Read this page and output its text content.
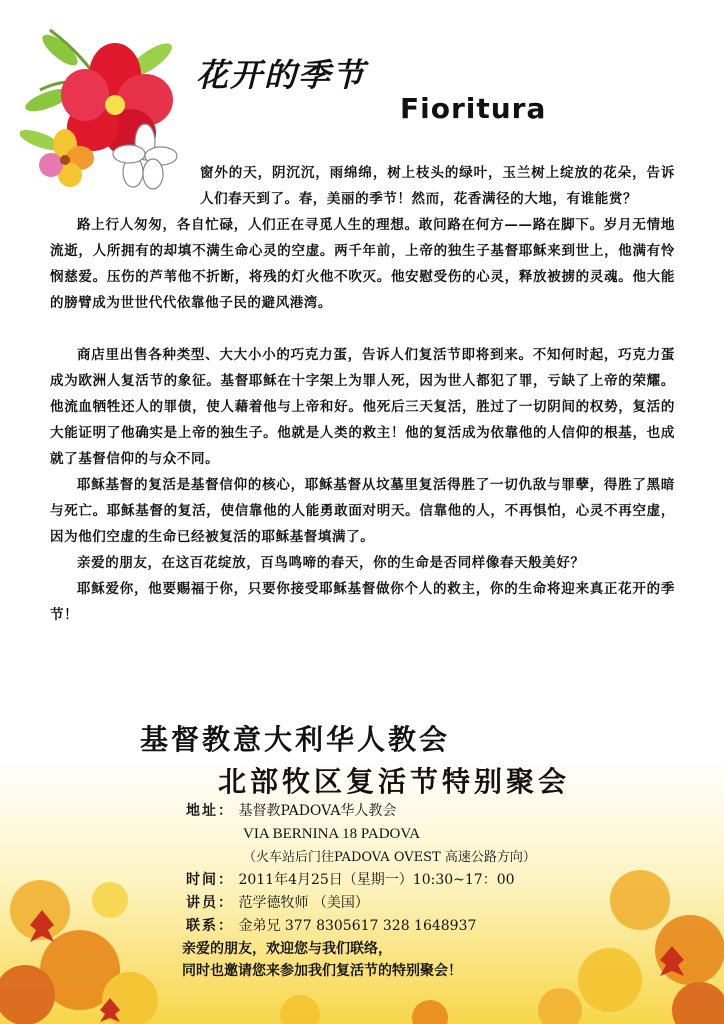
花开的季节
Fioritura

窗外的天，阴沉沉，雨绵绵，树上枝头的绿叶，玉兰树上绽放的花朵，告诉人们春天到了。春，美丽的季节！然而，花香满径的大地，有谁能赏？

路上行人匆匆，各自忙碌，人们正在寻觅人生的理想。敢问路在何方——路在脚下。岁月无情地流逝，人所拥有的却填不满生命心灵的空虚。两千年前，上帝的独生子基督耶稣来到世上，他满有怜悯慈爱。压伤的芦苇他不折断，将残的灯火他不吹灭。他安慰受伤的心灵，释放被掳的灵魂。他大能的膀臂成为世世代代依靠他子民的避风港湾。

商店里出售各种类型、大大小小的巧克力蛋，告诉人们复活节即将到来。不知何时起，巧克力蛋成为欧洲人复活节的象征。基督耶稣在十字架上为罪人死，因为世人都犯了罪，亏缺了上帝的荣耀。他流血牺牲还人的罪债，使人藉着他与上帝和好。他死后三天复活，胜过了一切阴间的权势，复活的大能证明了他确实是上帝的独生子。他就是人类的救主！他的复活成为依靠他的人信仰的根基，也成就了基督信仰的与众不同。

耶稣基督的复活是基督信仰的核心，耶稣基督从坟墓里复活得胜了一切仇敌与罪孽，得胜了黑暗与死亡。耶稣基督的复活，使信靠他的人能勇敢面对明天。信靠他的人，不再惧怕，心灵不再空虚，因为他们空虚的生命已经被复活的耶稣基督填满了。

亲爱的朋友，在这百花绽放，百鸟鸣啼的春天，你的生命是否同样像春天般美好？

耶稣爱你，他要赐福于你，只要你接受耶稣基督做你个人的救主，你的生命将迎来真正花开的季节！

基督教意大利华人教会
北部牧区复活节特别聚会
地址： 基督教PADOVA华人教会
VIA BERNINA 18 PADOVA
（火车站后门往PADOVA OVEST 高速公路方向）
时间： 2011年4月25日（星期一）10:30~17：00
讲员： 范学德牧师 （美国）
联系： 金弟兄 377 8305617 328 1648937
亲爱的朋友，欢迎您与我们联络，
同时也邀请您来参加我们复活节的特别聚会！
